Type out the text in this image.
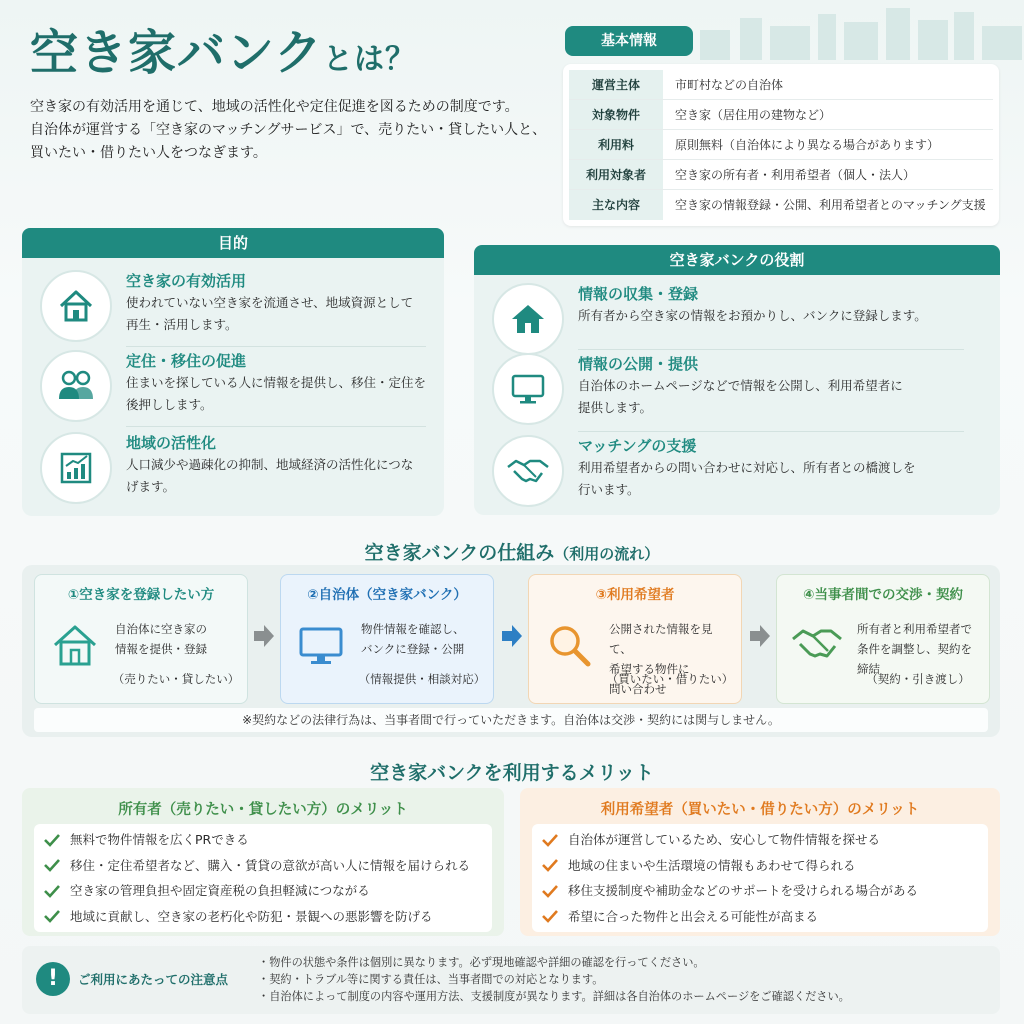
空き家バンクとは？
空き家の有効活用を通じて、地域の活性化や定住促進を図るための制度です。
自治体が運営する「空き家のマッチングサービス」で、売りたい・貸したい人と、
買いたい・借りたい人をつなぎます。
基本情報
運営主体	市町村などの自治体
対象物件	空き家（居住用の建物など）
利用料	原則無料（自治体により異なる場合があります）
利用対象者	空き家の所有者・利用希望者（個人・法人）
主な内容	空き家の情報登録・公開、利用希望者とのマッチング支援
目的
空き家の有効活用
使われていない空き家を流通させ、地域資源として
再生・活用します。
定住・移住の促進
住まいを探している人に情報を提供し、移住・定住を
後押しします。
地域の活性化
人口減少や過疎化の抑制、地域経済の活性化につな
げます。
空き家バンクの役割
情報の収集・登録
所有者から空き家の情報をお預かりし、バンクに登録します。
情報の公開・提供
自治体のホームページなどで情報を公開し、利用希望者に
提供します。
マッチングの支援
利用希望者からの問い合わせに対応し、所有者との橋渡しを
行います。
空き家バンクの仕組み（利用の流れ）
①空き家を登録したい方
自治体に空き家の
情報を提供・登録
（売りたい・貸したい）
②自治体（空き家バンク）
物件情報を確認し、
バンクに登録・公開
（情報提供・相談対応）
③利用希望者
公開された情報を見て、
希望する物件に
問い合わせ
（買いたい・借りたい）
④当事者間での交渉・契約
所有者と利用希望者で
条件を調整し、契約を
締結
（契約・引き渡し）
※契約などの法律行為は、当事者間で行っていただきます。自治体は交渉・契約には関与しません。
空き家バンクを利用するメリット
所有者（売りたい・貸したい方）のメリット
無料で物件情報を広くPRできる
移住・定住希望者など、購入・賃貸の意欲が高い人に情報を届けられる
空き家の管理負担や固定資産税の負担軽減につながる
地域に貢献し、空き家の老朽化や防犯・景観への悪影響を防げる
利用希望者（買いたい・借りたい方）のメリット
自治体が運営しているため、安心して物件情報を探せる
地域の住まいや生活環境の情報もあわせて得られる
移住支援制度や補助金などのサポートを受けられる場合がある
希望に合った物件と出会える可能性が高まる
!	ご利用にあたっての注意点
・物件の状態や条件は個別に異なります。必ず現地確認や詳細の確認を行ってください。
・契約・トラブル等に関する責任は、当事者間での対応となります。
・自治体によって制度の内容や運用方法、支援制度が異なります。詳細は各自治体のホームページをご確認ください。
